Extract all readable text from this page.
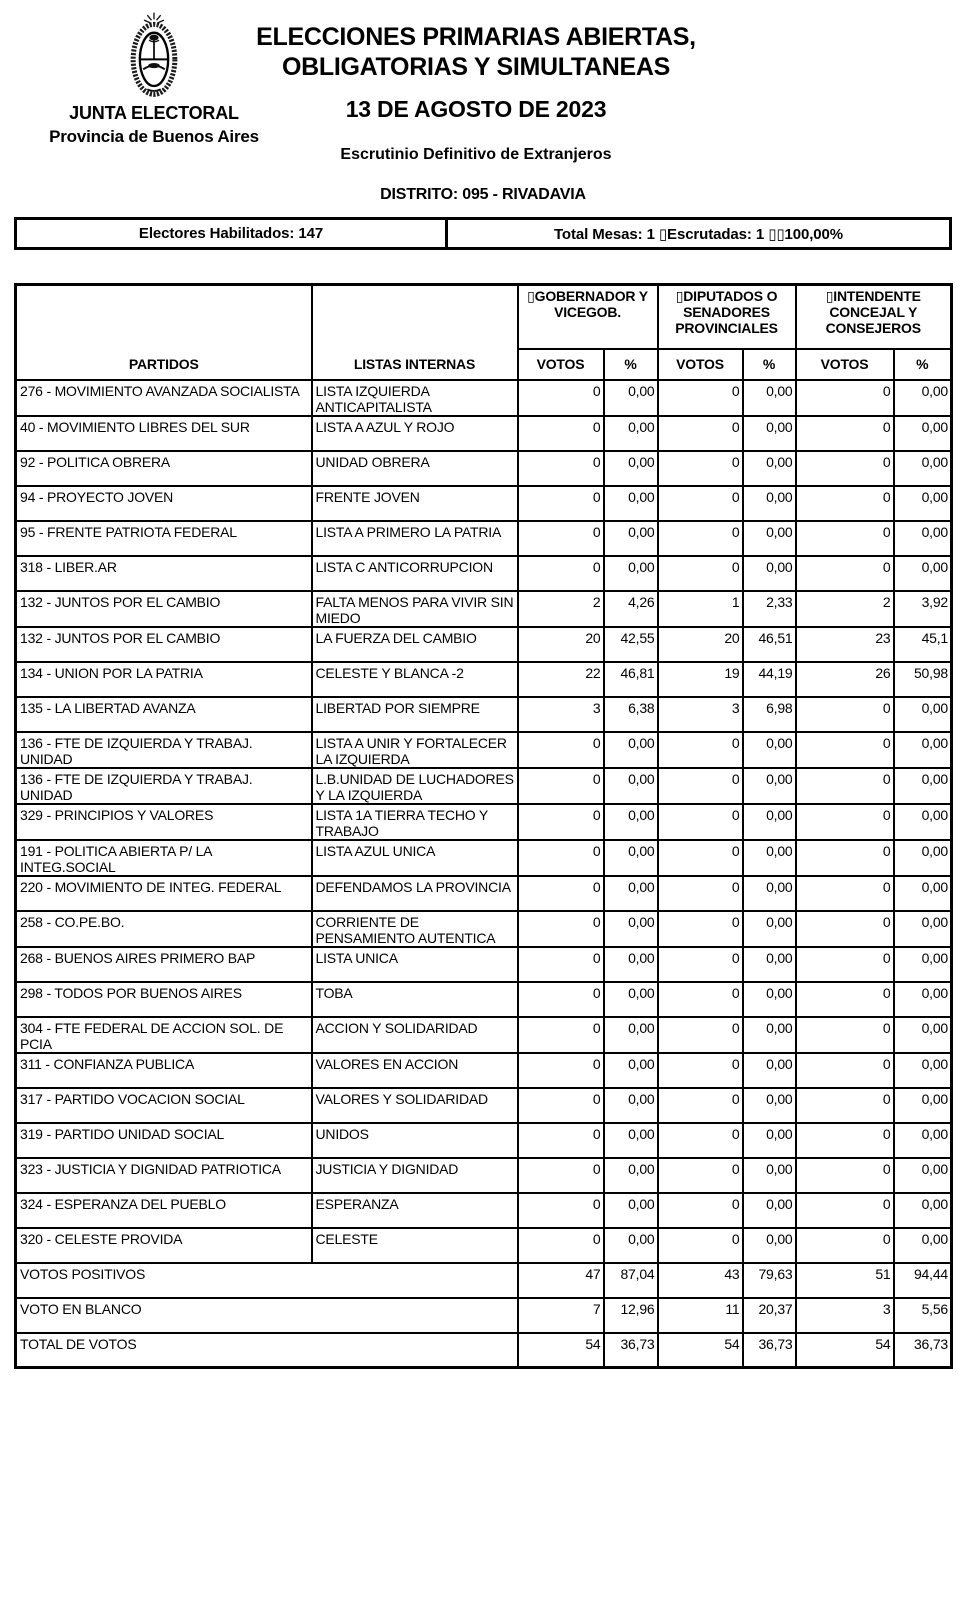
JUNTA ELECTORAL
Provincia de Buenos Aires
ELECCIONES PRIMARIAS ABIERTAS,
OBLIGATORIAS Y SIMULTANEAS
13 DE AGOSTO DE 2023
Escrutinio Definitivo de Extranjeros
DISTRITO: 095 - RIVADAVIA
Electores Habilitados: 147	Total Mesas: 1 ▯Escrutadas: 1 ▯▯100,00%
PARTIDOS	LISTAS INTERNAS	▯GOBERNADOR Y VICEGOB.		▯DIPUTADOS O SENADORES PROVINCIALES		▯INTENDENTE CONCEJAL Y CONSEJEROS	
		VOTOS	%	VOTOS	%	VOTOS	%
276 - MOVIMIENTO AVANZADA SOCIALISTA	LISTA IZQUIERDA ANTICAPITALISTA	0	0,00	0	0,00	0	0,00
40 - MOVIMIENTO LIBRES DEL SUR	LISTA A AZUL Y ROJO	0	0,00	0	0,00	0	0,00
92 - POLITICA OBRERA	UNIDAD OBRERA	0	0,00	0	0,00	0	0,00
94 - PROYECTO JOVEN	FRENTE JOVEN	0	0,00	0	0,00	0	0,00
95 - FRENTE PATRIOTA FEDERAL	LISTA A PRIMERO LA PATRIA	0	0,00	0	0,00	0	0,00
318 - LIBER.AR	LISTA C ANTICORRUPCION	0	0,00	0	0,00	0	0,00
132 - JUNTOS POR EL CAMBIO	FALTA MENOS PARA VIVIR SIN MIEDO	2	4,26	1	2,33	2	3,92
132 - JUNTOS POR EL CAMBIO	LA FUERZA DEL CAMBIO	20	42,55	20	46,51	23	45,1
134 - UNION POR LA PATRIA	CELESTE Y BLANCA -2	22	46,81	19	44,19	26	50,98
135 - LA LIBERTAD AVANZA	LIBERTAD POR SIEMPRE	3	6,38	3	6,98	0	0,00
136 - FTE DE IZQUIERDA Y TRABAJ. UNIDAD	LISTA A UNIR Y FORTALECER LA IZQUIERDA	0	0,00	0	0,00	0	0,00
136 - FTE DE IZQUIERDA Y TRABAJ. UNIDAD	L.B.UNIDAD DE LUCHADORES Y LA IZQUIERDA	0	0,00	0	0,00	0	0,00
329 - PRINCIPIOS Y VALORES	LISTA 1A TIERRA TECHO Y TRABAJO	0	0,00	0	0,00	0	0,00
191 - POLITICA ABIERTA P/ LA INTEG.SOCIAL	LISTA AZUL UNICA	0	0,00	0	0,00	0	0,00
220 - MOVIMIENTO DE INTEG. FEDERAL	DEFENDAMOS LA PROVINCIA	0	0,00	0	0,00	0	0,00
258 - CO.PE.BO.	CORRIENTE DE PENSAMIENTO AUTENTICA	0	0,00	0	0,00	0	0,00
268 - BUENOS AIRES PRIMERO BAP	LISTA UNICA	0	0,00	0	0,00	0	0,00
298 - TODOS POR BUENOS AIRES	TOBA	0	0,00	0	0,00	0	0,00
304 - FTE FEDERAL DE ACCION SOL. DE PCIA	ACCION Y SOLIDARIDAD	0	0,00	0	0,00	0	0,00
311 - CONFIANZA PUBLICA	VALORES EN ACCION	0	0,00	0	0,00	0	0,00
317 - PARTIDO VOCACION SOCIAL	VALORES Y SOLIDARIDAD	0	0,00	0	0,00	0	0,00
319 - PARTIDO UNIDAD SOCIAL	UNIDOS	0	0,00	0	0,00	0	0,00
323 - JUSTICIA Y DIGNIDAD PATRIOTICA	JUSTICIA Y DIGNIDAD	0	0,00	0	0,00	0	0,00
324 - ESPERANZA DEL PUEBLO	ESPERANZA	0	0,00	0	0,00	0	0,00
320 - CELESTE PROVIDA	CELESTE	0	0,00	0	0,00	0	0,00
VOTOS POSITIVOS		47	87,04	43	79,63	51	94,44
VOTO EN BLANCO		7	12,96	11	20,37	3	5,56
TOTAL DE VOTOS		54	36,73	54	36,73	54	36,73
